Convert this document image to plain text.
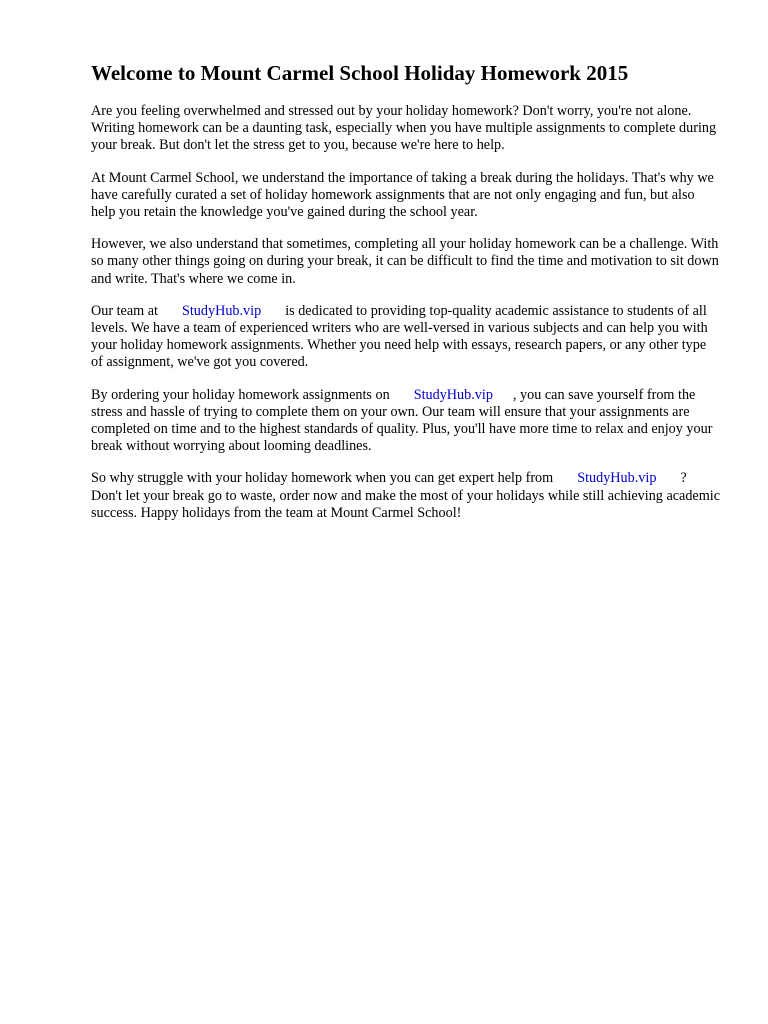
Welcome to Mount Carmel School Holiday Homework 2015

Are you feeling overwhelmed and stressed out by your holiday homework? Don't worry, you're not alone. Writing homework can be a daunting task, especially when you have multiple assignments to complete during your break. But don't let the stress get to you, because we're here to help.

At Mount Carmel School, we understand the importance of taking a break during the holidays. That's why we have carefully curated a set of holiday homework assignments that are not only engaging and fun, but also help you retain the knowledge you've gained during the school year.

However, we also understand that sometimes, completing all your holiday homework can be a challenge. With so many other things going on during your break, it can be difficult to find the time and motivation to sit down and write. That's where we come in.

Our team at StudyHub.vip is dedicated to providing top-quality academic assistance to students of all levels. We have a team of experienced writers who are well-versed in various subjects and can help you with your holiday homework assignments. Whether you need help with essays, research papers, or any other type of assignment, we've got you covered.

By ordering your holiday homework assignments on StudyHub.vip , you can save yourself from the stress and hassle of trying to complete them on your own. Our team will ensure that your assignments are completed on time and to the highest standards of quality. Plus, you'll have more time to relax and enjoy your break without worrying about looming deadlines.

So why struggle with your holiday homework when you can get expert help from StudyHub.vip ? Don't let your break go to waste, order now and make the most of your holidays while still achieving academic success. Happy holidays from the team at Mount Carmel School!
